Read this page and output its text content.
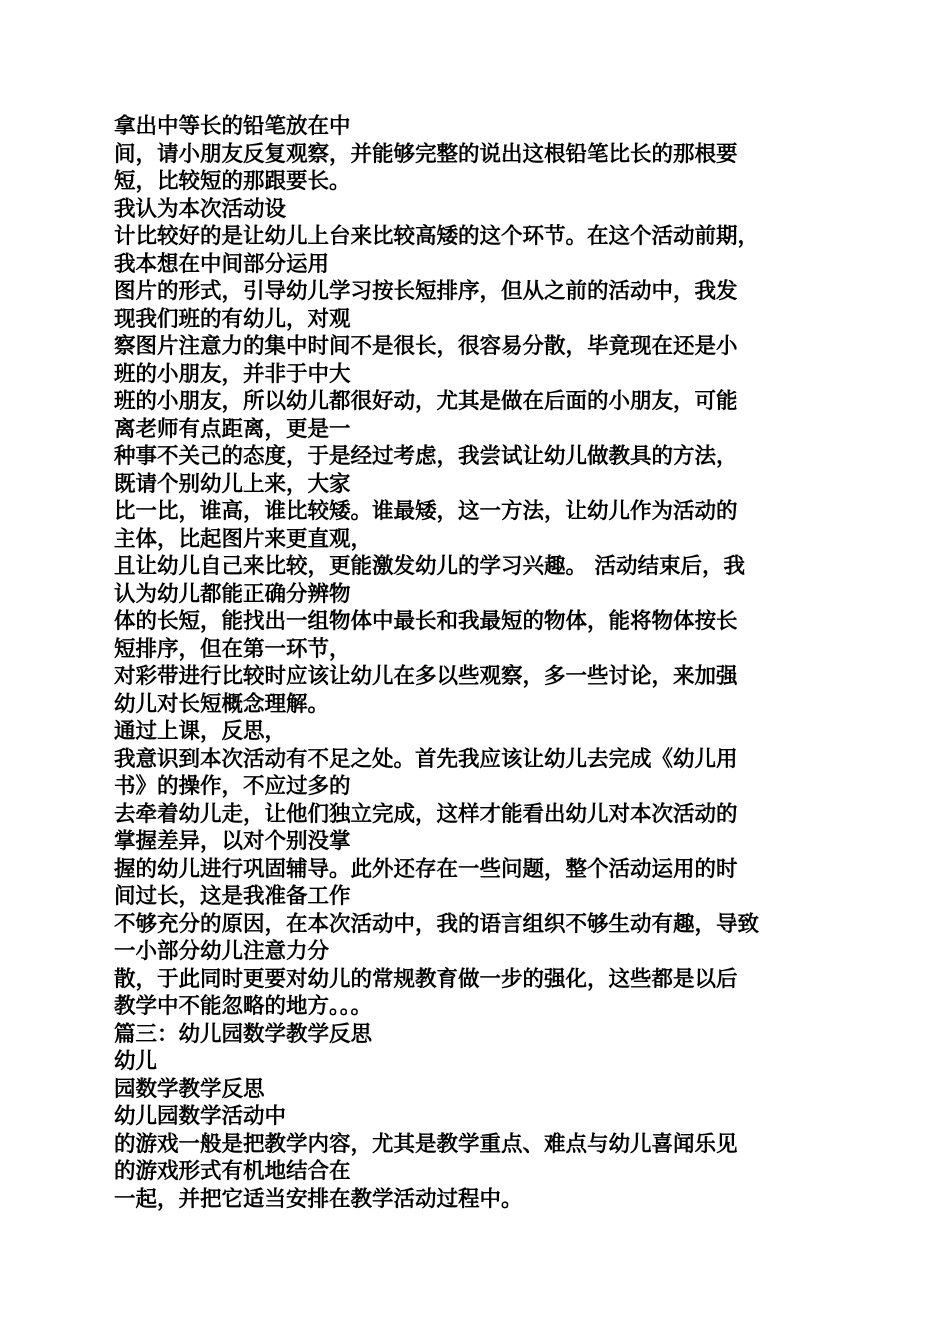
拿出中等长的铅笔放在中
间，请小朋友反复观察，并能够完整的说出这根铅笔比长的那根要
短，比较短的那跟要长。
我认为本次活动设
计比较好的是让幼儿上台来比较高矮的这个环节。在这个活动前期，
我本想在中间部分运用
图片的形式，引导幼儿学习按长短排序，但从之前的活动中，我发
现我们班的有幼儿，对观
察图片注意力的集中时间不是很长，很容易分散，毕竟现在还是小
班的小朋友，并非于中大
班的小朋友，所以幼儿都很好动，尤其是做在后面的小朋友，可能
离老师有点距离，更是一
种事不关己的态度，于是经过考虑，我尝试让幼儿做教具的方法，
既请个别幼儿上来，大家
比一比，谁高，谁比较矮。谁最矮，这一方法，让幼儿作为活动的
主体，比起图片来更直观，
且让幼儿自己来比较，更能激发幼儿的学习兴趣。 活动结束后，我
认为幼儿都能正确分辨物
体的长短，能找出一组物体中最长和我最短的物体，能将物体按长
短排序，但在第一环节，
对彩带进行比较时应该让幼儿在多以些观察，多一些讨论，来加强
幼儿对长短概念理解。
通过上课，反思，
我意识到本次活动有不足之处。首先我应该让幼儿去完成《幼儿用
书》的操作，不应过多的
去牵着幼儿走，让他们独立完成，这样才能看出幼儿对本次活动的
掌握差异，以对个别没掌
握的幼儿进行巩固辅导。此外还存在一些问题，整个活动运用的时
间过长，这是我准备工作
不够充分的原因，在本次活动中，我的语言组织不够生动有趣，导致
一小部分幼儿注意力分
散，于此同时更要对幼儿的常规教育做一步的强化，这些都是以后
教学中不能忽略的地方。。。
篇三：幼儿园数学教学反思
幼儿
园数学教学反思
幼儿园数学活动中
的游戏一般是把教学内容，尤其是教学重点、难点与幼儿喜闻乐见
的游戏形式有机地结合在
一起，并把它适当安排在教学活动过程中。
